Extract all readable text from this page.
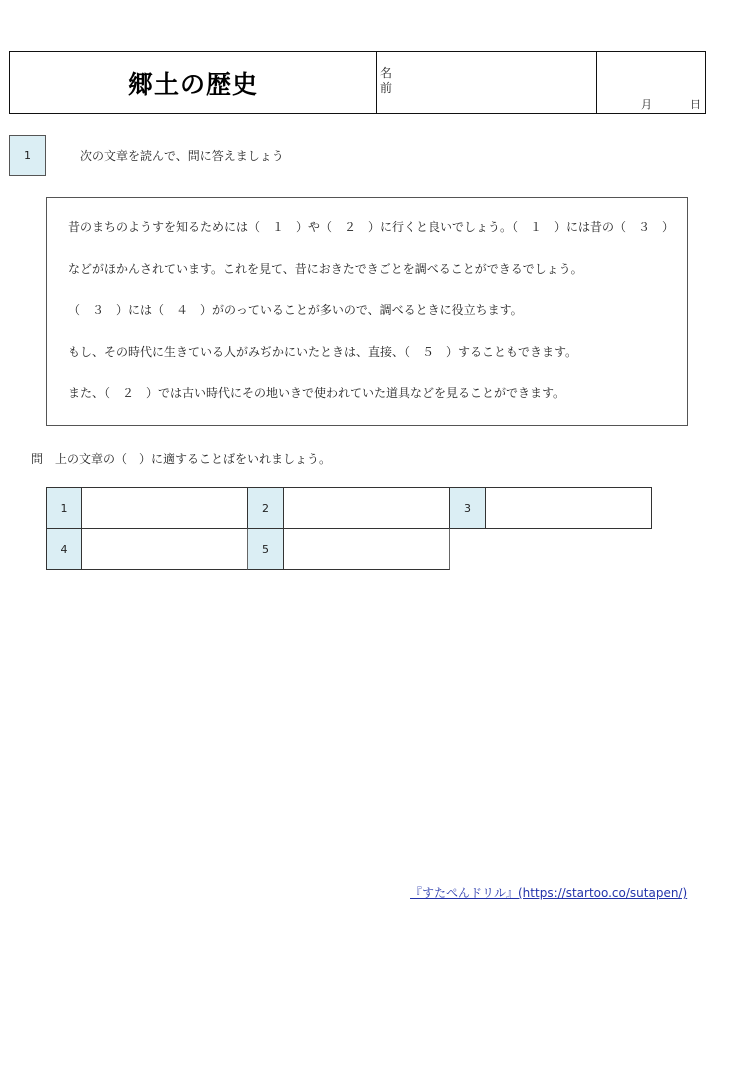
郷土の歴史	名前
月	日
1	次の文章を読んで、問に答えましょう

昔のまちのようすを知るためには（　１　）や（　２　）に行くと良いでしょう。（　１　）には昔の（　３　）

などがほかんされています。これを見て、昔におきたできごとを調べることができるでしょう。

（　３　）には（　４　）がのっていることが多いので、調べるときに役立ちます。

もし、その時代に生きている人がみぢかにいたときは、直接、（　５　）することもできます。

また、（　２　）では古い時代にその地いきで使われていた道具などを見ることができます。

問　上の文章の（　）に適することばをいれましょう。
1	2	3
4	5
『すたぺんドリル』(https://startoo.co/sutapen/)
